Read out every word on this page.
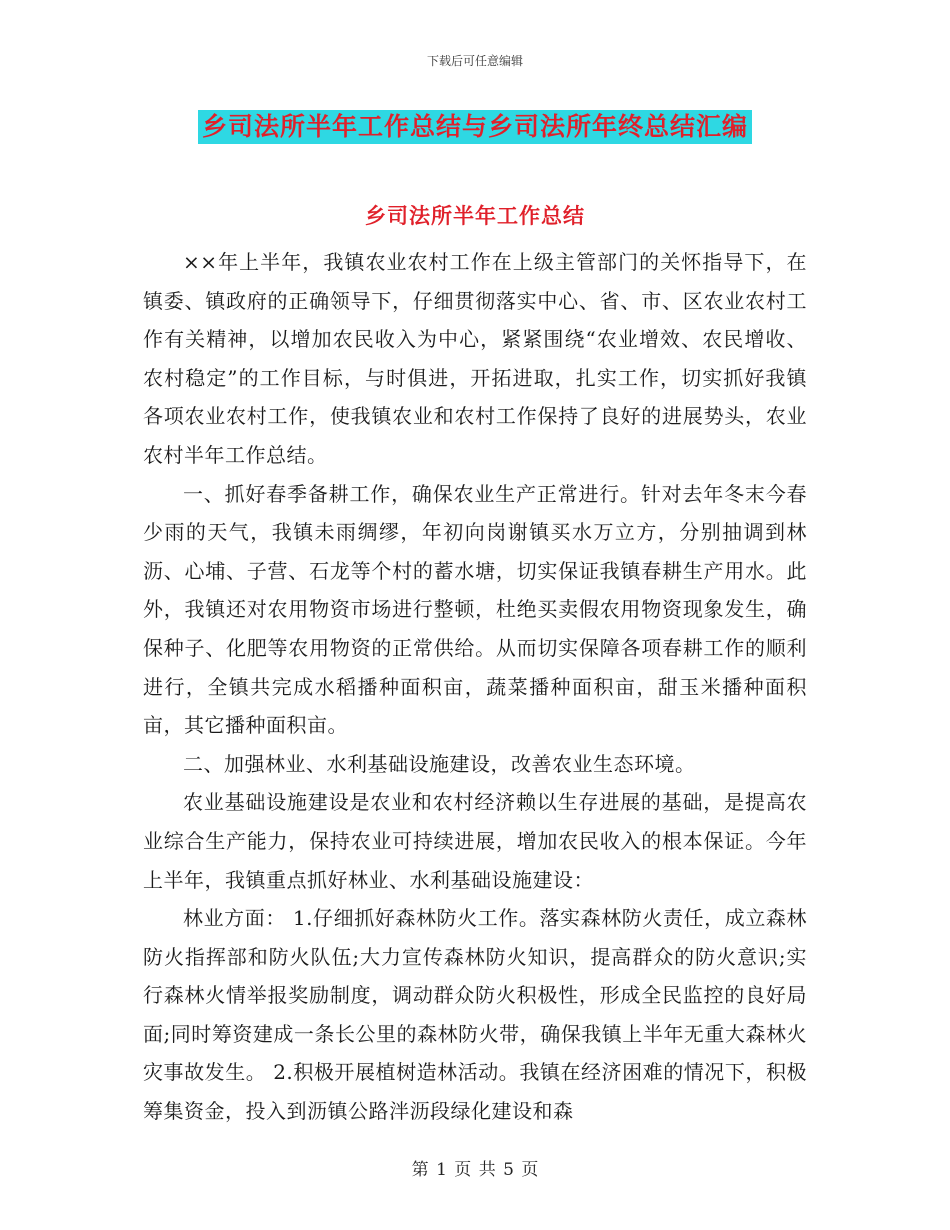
下载后可任意编辑
乡司法所半年工作总结与乡司法所年终总结汇编
乡司法所半年工作总结

××年上半年，我镇农业农村工作在上级主管部门的关怀指导下，在镇委、镇政府的正确领导下，仔细贯彻落实中心、省、市、区农业农村工作有关精神，以增加农民收入为中心，紧紧围绕“农业增效、农民增收、农村稳定”的工作目标，与时俱进，开拓进取，扎实工作，切实抓好我镇各项农业农村工作，使我镇农业和农村工作保持了良好的进展势头，农业农村半年工作总结。

一、抓好春季备耕工作，确保农业生产正常进行。针对去年冬末今春少雨的天气，我镇未雨绸缪，年初向岗谢镇买水万立方，分别抽调到林沥、心埔、子营、石龙等个村的蓄水塘，切实保证我镇春耕生产用水。此外，我镇还对农用物资市场进行整顿，杜绝买卖假农用物资现象发生，确保种子、化肥等农用物资的正常供给。从而切实保障各项春耕工作的顺利进行，全镇共完成水稻播种面积亩，蔬菜播种面积亩，甜玉米播种面积亩，其它播种面积亩。

二、加强林业、水利基础设施建设，改善农业生态环境。

农业基础设施建设是农业和农村经济赖以生存进展的基础，是提高农业综合生产能力，保持农业可持续进展，增加农民收入的根本保证。今年上半年，我镇重点抓好林业、水利基础设施建设：

林业方面： 1.仔细抓好森林防火工作。落实森林防火责任，成立森林防火指挥部和防火队伍;大力宣传森林防火知识，提高群众的防火意识;实行森林火情举报奖励制度，调动群众防火积极性，形成全民监控的良好局面;同时筹资建成一条长公里的森林防火带，确保我镇上半年无重大森林火灾事故发生。 2.积极开展植树造林活动。我镇在经济困难的情况下，积极筹集资金，投入到沥镇公路泮沥段绿化建设和森

第 1 页 共 5 页
